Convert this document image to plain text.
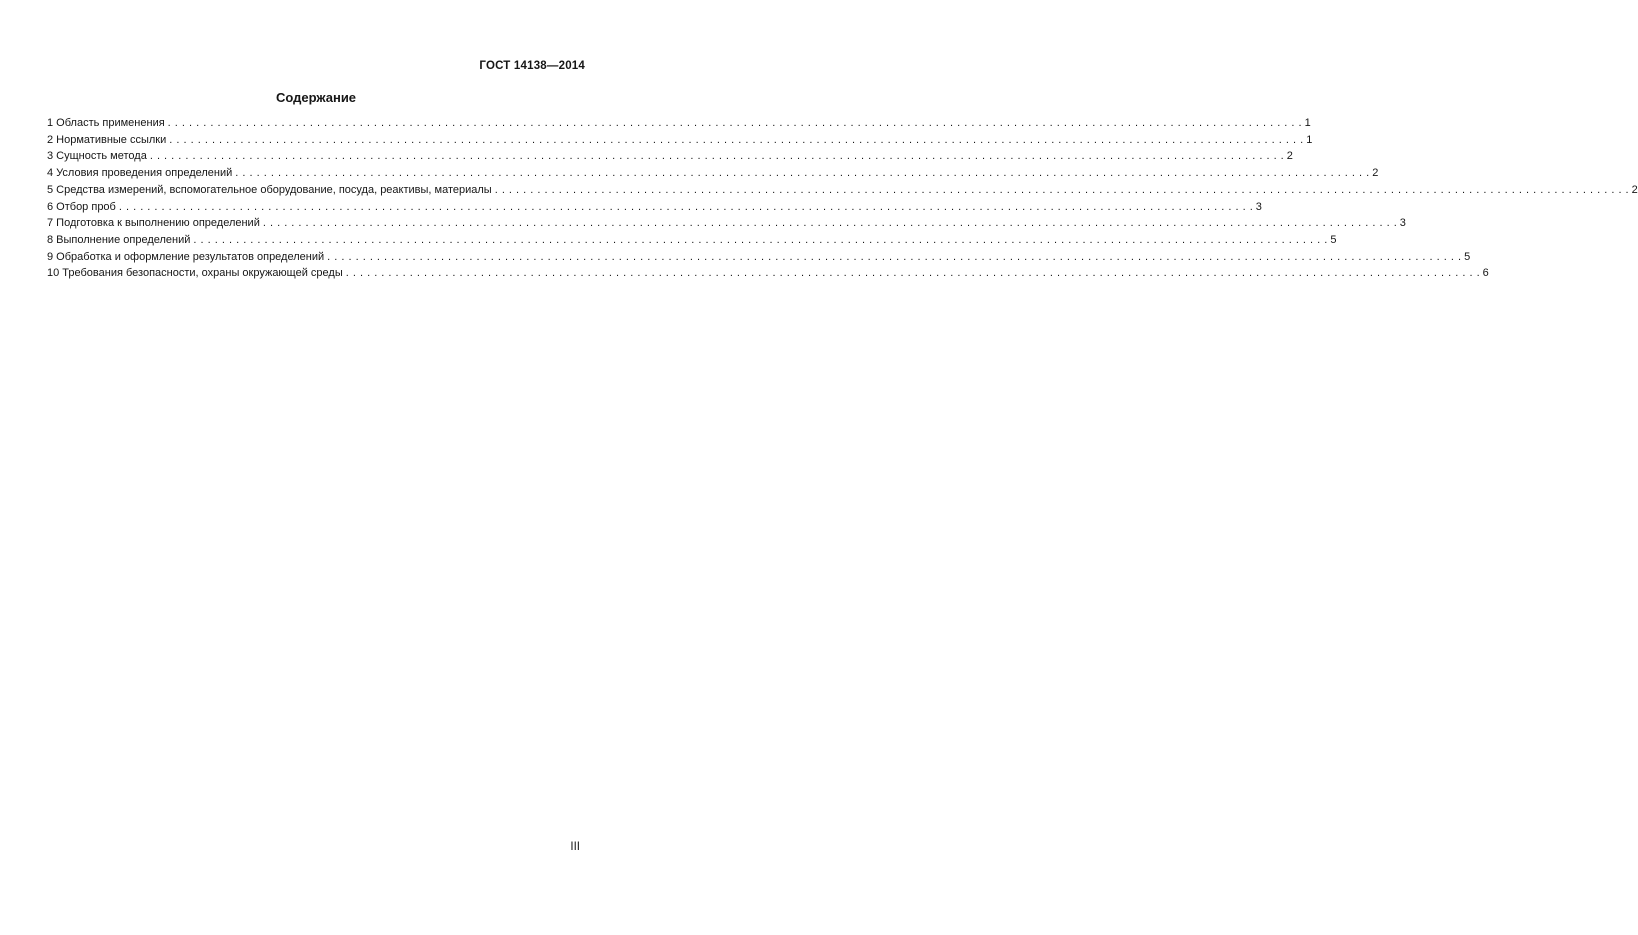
ГОСТ 14138—2014
Содержание
1 Область применения . . . . . . . . . . . . . . . . . . . . . . . . . . . . . . . . . . . . . . . . . . . . . . . . . . . . . . . . . . . . . . . . . . . . . . . . . . . . . . . . . . . . . . . . . . . . . . . . . . . . . . . . . . . . . . . . . . . . . . . . . . . . . . . . . . . . . . . . . . . . . . . . . . . . . . . . . . . . . . . . 1
2 Нормативные ссылки . . . . . . . . . . . . . . . . . . . . . . . . . . . . . . . . . . . . . . . . . . . . . . . . . . . . . . . . . . . . . . . . . . . . . . . . . . . . . . . . . . . . . . . . . . . . . . . . . . . . . . . . . . . . . . . . . . . . . . . . . . . . . . . . . . . . . . . . . . . . . . . . . . . . . . . . . . . . . . . . 1
3 Сущность метода . . . . . . . . . . . . . . . . . . . . . . . . . . . . . . . . . . . . . . . . . . . . . . . . . . . . . . . . . . . . . . . . . . . . . . . . . . . . . . . . . . . . . . . . . . . . . . . . . . . . . . . . . . . . . . . . . . . . . . . . . . . . . . . . . . . . . . . . . . . . . . . . . . . . . . . . . . . . . . . . 2
4 Условия проведения определений . . . . . . . . . . . . . . . . . . . . . . . . . . . . . . . . . . . . . . . . . . . . . . . . . . . . . . . . . . . . . . . . . . . . . . . . . . . . . . . . . . . . . . . . . . . . . . . . . . . . . . . . . . . . . . . . . . . . . . . . . . . . . . . . . . . . . . . . . . . . . . . . . . . . . . . . . . . . . . . . 2
5 Средства измерений, вспомогательное оборудование, посуда, реактивы, материалы . . . . . . . . . . . . . . . . . . . . . . . . . . . . . . . . . . . . . . . . . . . . . . . . . . . . . . . . . . . . . . . . . . . . . . . . . . . . . . . . . . . . . . . . . . . . . . . . . . . . . . . . . . . . . . . . . . . . . . . . . . . . . . . . . . . . . . . . . . . . . . . . . . . . . . . . . . . . . . . . 2
6 Отбор проб . . . . . . . . . . . . . . . . . . . . . . . . . . . . . . . . . . . . . . . . . . . . . . . . . . . . . . . . . . . . . . . . . . . . . . . . . . . . . . . . . . . . . . . . . . . . . . . . . . . . . . . . . . . . . . . . . . . . . . . . . . . . . . . . . . . . . . . . . . . . . . . . . . . . . . . . . . . . . . . . 3
7 Подготовка к выполнению определений . . . . . . . . . . . . . . . . . . . . . . . . . . . . . . . . . . . . . . . . . . . . . . . . . . . . . . . . . . . . . . . . . . . . . . . . . . . . . . . . . . . . . . . . . . . . . . . . . . . . . . . . . . . . . . . . . . . . . . . . . . . . . . . . . . . . . . . . . . . . . . . . . . . . . . . . . . . . . . . . 3
8 Выполнение определений . . . . . . . . . . . . . . . . . . . . . . . . . . . . . . . . . . . . . . . . . . . . . . . . . . . . . . . . . . . . . . . . . . . . . . . . . . . . . . . . . . . . . . . . . . . . . . . . . . . . . . . . . . . . . . . . . . . . . . . . . . . . . . . . . . . . . . . . . . . . . . . . . . . . . . . . . . . . . . . . 5
9 Обработка и оформление результатов определений . . . . . . . . . . . . . . . . . . . . . . . . . . . . . . . . . . . . . . . . . . . . . . . . . . . . . . . . . . . . . . . . . . . . . . . . . . . . . . . . . . . . . . . . . . . . . . . . . . . . . . . . . . . . . . . . . . . . . . . . . . . . . . . . . . . . . . . . . . . . . . . . . . . . . . . . . . . . . . . . 5
10 Требования безопасности, охраны окружающей среды . . . . . . . . . . . . . . . . . . . . . . . . . . . . . . . . . . . . . . . . . . . . . . . . . . . . . . . . . . . . . . . . . . . . . . . . . . . . . . . . . . . . . . . . . . . . . . . . . . . . . . . . . . . . . . . . . . . . . . . . . . . . . . . . . . . . . . . . . . . . . . . . . . . . . . . . . . . . . . . . 6
III
